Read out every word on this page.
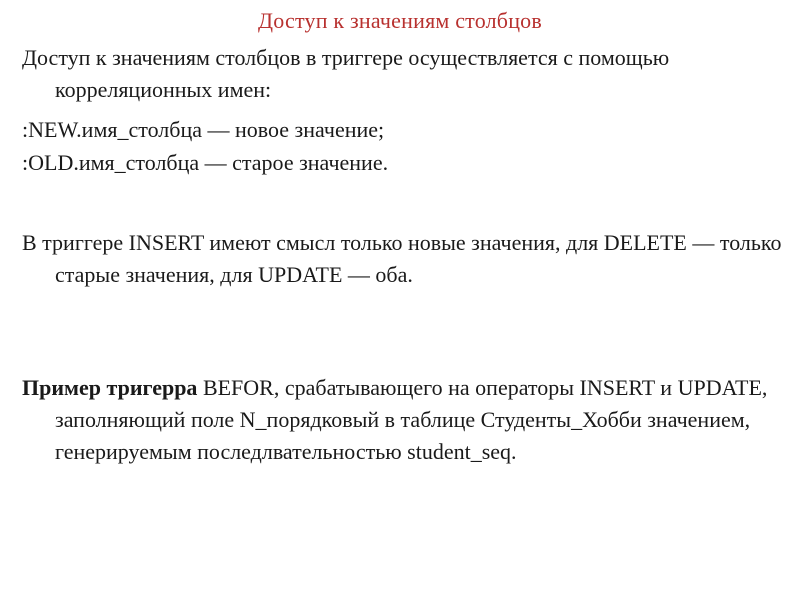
Доступ к значениям столбцов
Доступ к значениям столбцов в триггере осуществляется с помощью корреляционных имен:
:NEW.имя_столбца — новое значение;
:OLD.имя_столбца — старое значение.
В триггере INSERT имеют смысл только новые значения, для DELETE — только старые значения, для UPDATE — оба.
Пример тригерра BEFOR, срабатывающего на операторы INSERT и UPDATE, заполняющий поле N_порядковый в таблице Студенты_Хобби значением, генерируемым последлвательностью student_seq.
